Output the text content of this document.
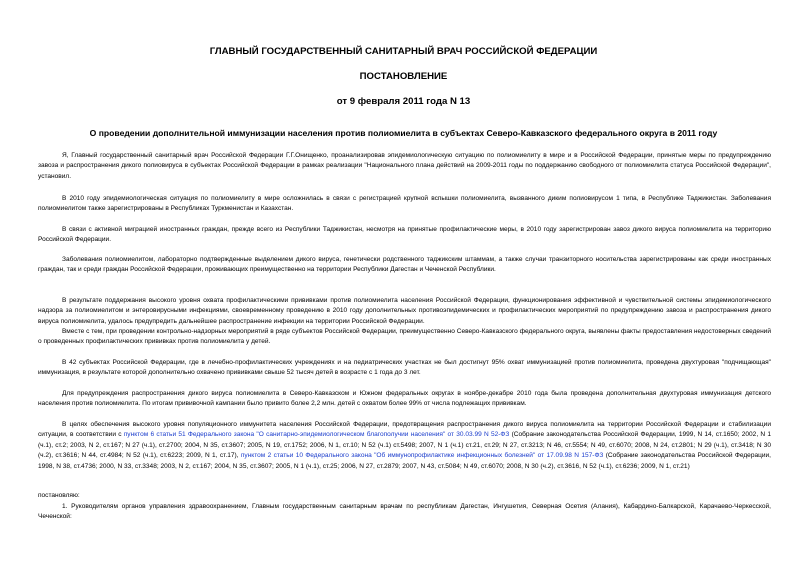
ГЛАВНЫЙ ГОСУДАРСТВЕННЫЙ САНИТАРНЫЙ ВРАЧ РОССИЙСКОЙ ФЕДЕРАЦИИ
ПОСТАНОВЛЕНИЕ
от 9 февраля 2011 года N 13
О проведении дополнительной иммунизации населения против полиомиелита в субъектах Северо-Кавказского федерального округа в 2011 году

Я, Главный государственный санитарный врач Российской Федерации Г.Г.Онищенко, проанализировав эпидемиологическую ситуацию по полиомиелиту в мире и в Российской Федерации, принятые меры по предупреждению завоза и распространения дикого полиовируса в субъектах Российской Федерации в рамках реализации "Национального плана действий на 2009-2011 годы по поддержанию свободного от полиомиелита статуса Российской Федерации", установил.

В 2010 году эпидемиологическая ситуация по полиомиелиту в мире осложнилась в связи с регистрацией крупной вспышки полиомиелита, вызванного диким полиовирусом 1 типа, в Республике Таджикистан. Заболевания полиомиелитом также зарегистрированы в Республиках Туркменистан и Казахстан.

В связи с активной миграцией иностранных граждан, прежде всего из Республики Таджикистан, несмотря на принятые профилактические меры, в 2010 году зарегистрирован завоз дикого вируса полиомиелита на территорию Российской Федерации.

Заболевания полиомиелитом, лабораторно подтвержденные выделением дикого вируса, генетически родственного таджикским штаммам, а также случаи транзиторного носительства зарегистрированы как среди иностранных граждан, так и среди граждан Российской Федерации, проживающих преимущественно на территории Республики Дагестан и Чеченской Республики.

В результате поддержания высокого уровня охвата профилактическими прививками против полиомиелита населения Российской Федерации, функционирования эффективной и чувствительной системы эпидемиологического надзора за полиомиелитом и энтеровирусными инфекциями, своевременному проведению в 2010 году дополнительных противоэпидемических и профилактических мероприятий по предупреждению завоза и распространения дикого вируса полиомиелита, удалось предупредить дальнейшее распространение инфекции на территории Российской Федерации.

Вместе с тем, при проведении контрольно-надзорных мероприятий в ряде субъектов Российской Федерации, преимущественно Северо-Кавказского федерального округа, выявлены факты предоставления недостоверных сведений о проведенных профилактических прививках против полиомиелита у детей.

В 42 субъектах Российской Федерации, где в лечебно-профилактических учреждениях и на педиатрических участках не был достигнут 95% охват иммунизацией против полиомиелита, проведена двухтуровая "подчищающая" иммунизация, в результате которой дополнительно охвачено прививками свыше 52 тысяч детей в возрасте с 1 года до 3 лет.

Для предупреждения распространения дикого вируса полиомиелита в Северо-Кавказском и Южном федеральных округах в ноябре-декабре 2010 года была проведена дополнительная двухтуровая иммунизация детского населения против полиомиелита. По итогам прививочной кампании было привито более 2,2 млн. детей с охватом более 99% от числа подлежащих прививкам.

В целях обеспечения высокого уровня популяционного иммунитета населения Российской Федерации, предотвращения распространения дикого вируса полиомиелита на территории Российской Федерации и стабилизации ситуации, в соответствии с пунктом 6 статьи 51 Федерального закона "О санитарно-эпидемиологическом благополучии населения" от 30.03.99 N 52-ФЗ (Собрание законодательства Российской Федерации, 1999, N 14, ст.1650; 2002, N 1 (ч.1), ст.2; 2003, N 2, ст.167; N 27 (ч.1), ст.2700; 2004, N 35, ст.3607; 2005, N 19, ст.1752; 2006, N 1, ст.10; N 52 (ч.1) ст.5498; 2007, N 1 (ч.1) ст.21, ст.29; N 27, ст.3213; N 46, ст.5554; N 49, ст.6070; 2008, N 24, ст.2801; N 29 (ч.1), ст.3418; N 30 (ч.2), ст.3616; N 44, ст.4984; N 52 (ч.1), ст.6223; 2009, N 1, ст.17), пунктом 2 статьи 10 Федерального закона "Об иммунопрофилактике инфекционных болезней" от 17.09.98 N 157-ФЗ (Собрание законодательства Российской Федерации, 1998, N 38, ст.4736; 2000, N 33, ст.3348; 2003, N 2, ст.167; 2004, N 35, ст.3607; 2005, N 1 (ч.1), ст.25; 2006, N 27, ст.2879; 2007, N 43, ст.5084; N 49, ст.6070; 2008, N 30 (ч.2), ст.3616, N 52 (ч.1), ст.6236; 2009, N 1, ст.21)

постановляю:

1. Руководителям органов управления здравоохранением, Главным государственным санитарным врачам по республикам Дагестан, Ингушетия, Северная Осетия (Алания), Кабардино-Балкарской, Карачаево-Черкесской, Чеченской:
